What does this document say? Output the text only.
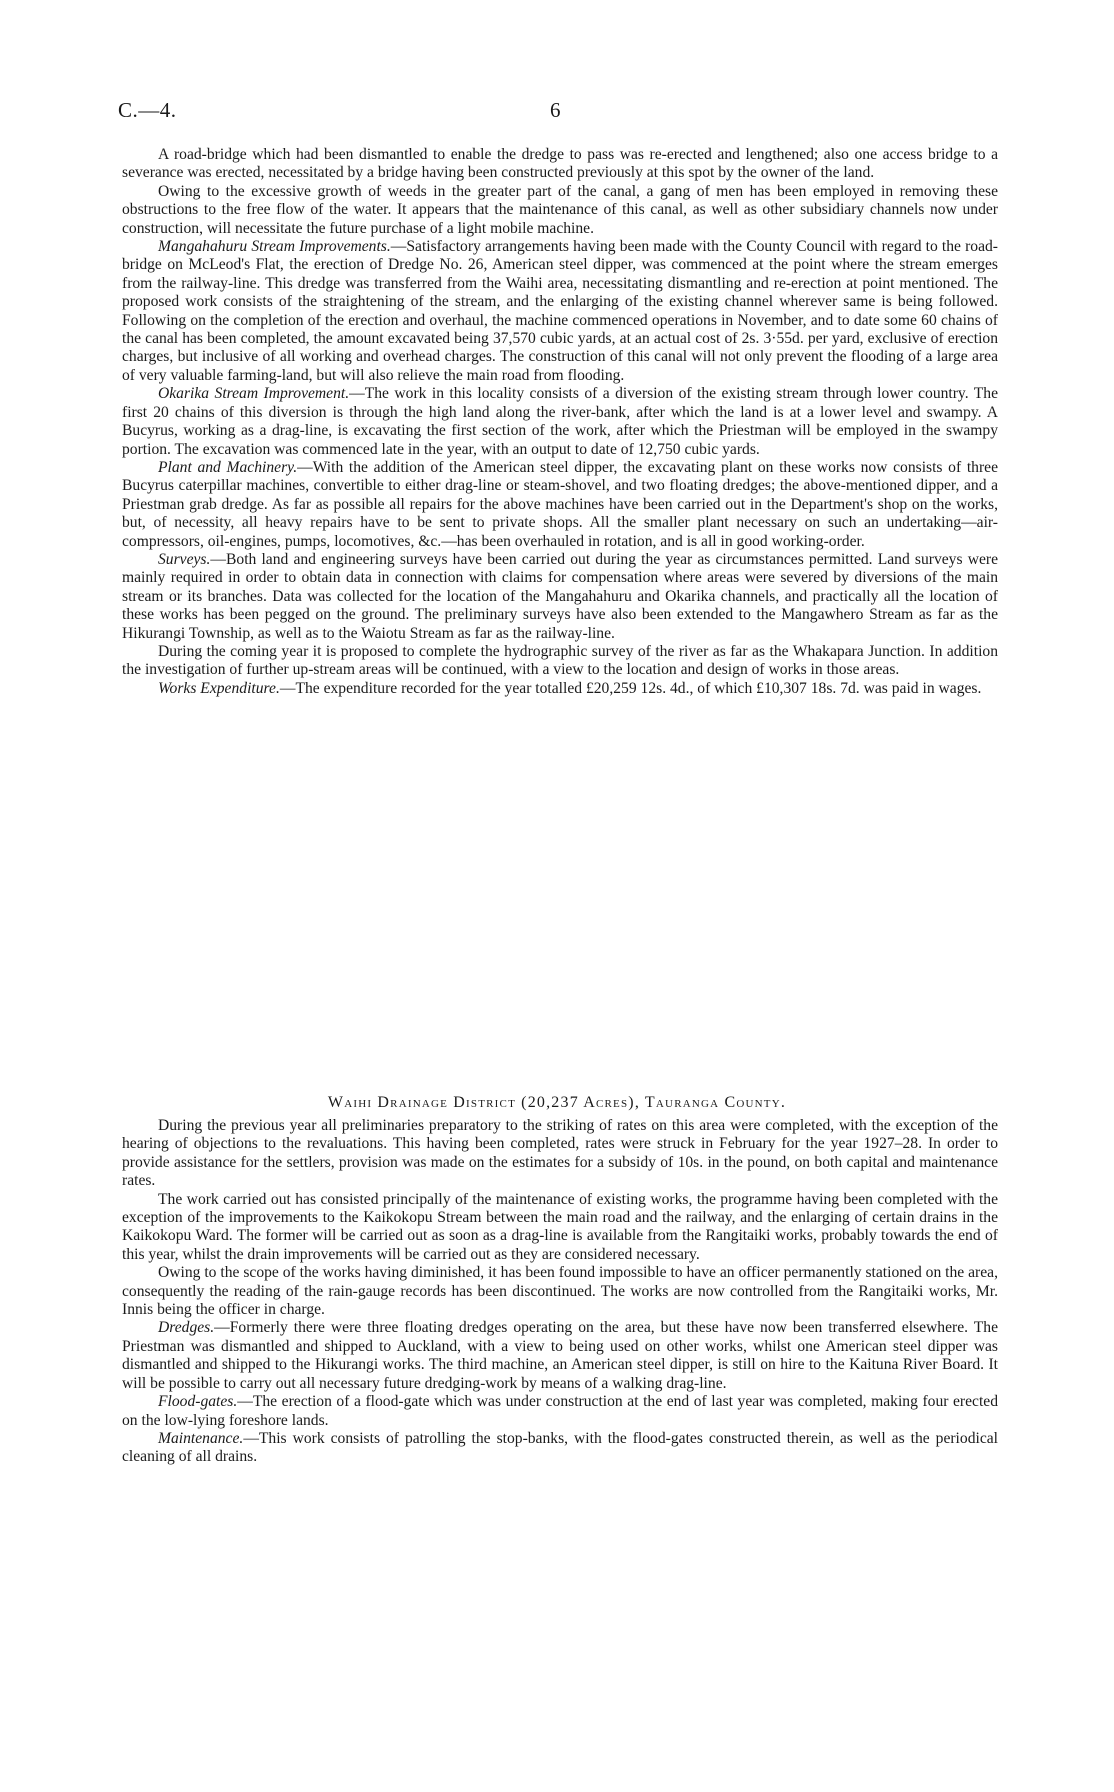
C.—4.	6

A road-bridge which had been dismantled to enable the dredge to pass was re-erected and lengthened; also one access bridge to a severance was erected, necessitated by a bridge having been constructed previously at this spot by the owner of the land.

Owing to the excessive growth of weeds in the greater part of the canal, a gang of men has been employed in removing these obstructions to the free flow of the water. It appears that the maintenance of this canal, as well as other subsidiary channels now under construction, will necessitate the future purchase of a light mobile machine.

Mangahahuru Stream Improvements.—Satisfactory arrangements having been made with the County Council with regard to the road-bridge on McLeod's Flat, the erection of Dredge No. 26, American steel dipper, was commenced at the point where the stream emerges from the railway-line. This dredge was transferred from the Waihi area, necessitating dismantling and re-erection at point mentioned. The proposed work consists of the straightening of the stream, and the enlarging of the existing channel wherever same is being followed. Following on the completion of the erection and overhaul, the machine commenced operations in November, and to date some 60 chains of the canal has been completed, the amount excavated being 37,570 cubic yards, at an actual cost of 2s. 3·55d. per yard, exclusive of erection charges, but inclusive of all working and overhead charges. The construction of this canal will not only prevent the flooding of a large area of very valuable farming-land, but will also relieve the main road from flooding.

Okarika Stream Improvement.—The work in this locality consists of a diversion of the existing stream through lower country. The first 20 chains of this diversion is through the high land along the river-bank, after which the land is at a lower level and swampy. A Bucyrus, working as a drag-line, is excavating the first section of the work, after which the Priestman will be employed in the swampy portion. The excavation was commenced late in the year, with an output to date of 12,750 cubic yards.

Plant and Machinery.—With the addition of the American steel dipper, the excavating plant on these works now consists of three Bucyrus caterpillar machines, convertible to either drag-line or steam-shovel, and two floating dredges; the above-mentioned dipper, and a Priestman grab dredge. As far as possible all repairs for the above machines have been carried out in the Department's shop on the works, but, of necessity, all heavy repairs have to be sent to private shops. All the smaller plant necessary on such an undertaking—air-compressors, oil-engines, pumps, locomotives, &c.—has been overhauled in rotation, and is all in good working-order.

Surveys.—Both land and engineering surveys have been carried out during the year as circumstances permitted. Land surveys were mainly required in order to obtain data in connection with claims for compensation where areas were severed by diversions of the main stream or its branches. Data was collected for the location of the Mangahahuru and Okarika channels, and practically all the location of these works has been pegged on the ground. The preliminary surveys have also been extended to the Mangawhero Stream as far as the Hikurangi Township, as well as to the Waiotu Stream as far as the railway-line.

During the coming year it is proposed to complete the hydrographic survey of the river as far as the Whakapara Junction. In addition the investigation of further up-stream areas will be continued, with a view to the location and design of works in those areas.

Works Expenditure.—The expenditure recorded for the year totalled £20,259 12s. 4d., of which £10,307 18s. 7d. was paid in wages.

Waihi Drainage District (20,237 Acres), Tauranga County.

During the previous year all preliminaries preparatory to the striking of rates on this area were completed, with the exception of the hearing of objections to the revaluations. This having been completed, rates were struck in February for the year 1927–28. In order to provide assistance for the settlers, provision was made on the estimates for a subsidy of 10s. in the pound, on both capital and maintenance rates.

The work carried out has consisted principally of the maintenance of existing works, the programme having been completed with the exception of the improvements to the Kaikokopu Stream between the main road and the railway, and the enlarging of certain drains in the Kaikokopu Ward. The former will be carried out as soon as a drag-line is available from the Rangitaiki works, probably towards the end of this year, whilst the drain improvements will be carried out as they are considered necessary.

Owing to the scope of the works having diminished, it has been found impossible to have an officer permanently stationed on the area, consequently the reading of the rain-gauge records has been discontinued. The works are now controlled from the Rangitaiki works, Mr. Innis being the officer in charge.

Dredges.—Formerly there were three floating dredges operating on the area, but these have now been transferred elsewhere. The Priestman was dismantled and shipped to Auckland, with a view to being used on other works, whilst one American steel dipper was dismantled and shipped to the Hikurangi works. The third machine, an American steel dipper, is still on hire to the Kaituna River Board. It will be possible to carry out all necessary future dredging-work by means of a walking drag-line.

Flood-gates.—The erection of a flood-gate which was under construction at the end of last year was completed, making four erected on the low-lying foreshore lands.

Maintenance.—This work consists of patrolling the stop-banks, with the flood-gates constructed therein, as well as the periodical cleaning of all drains.
